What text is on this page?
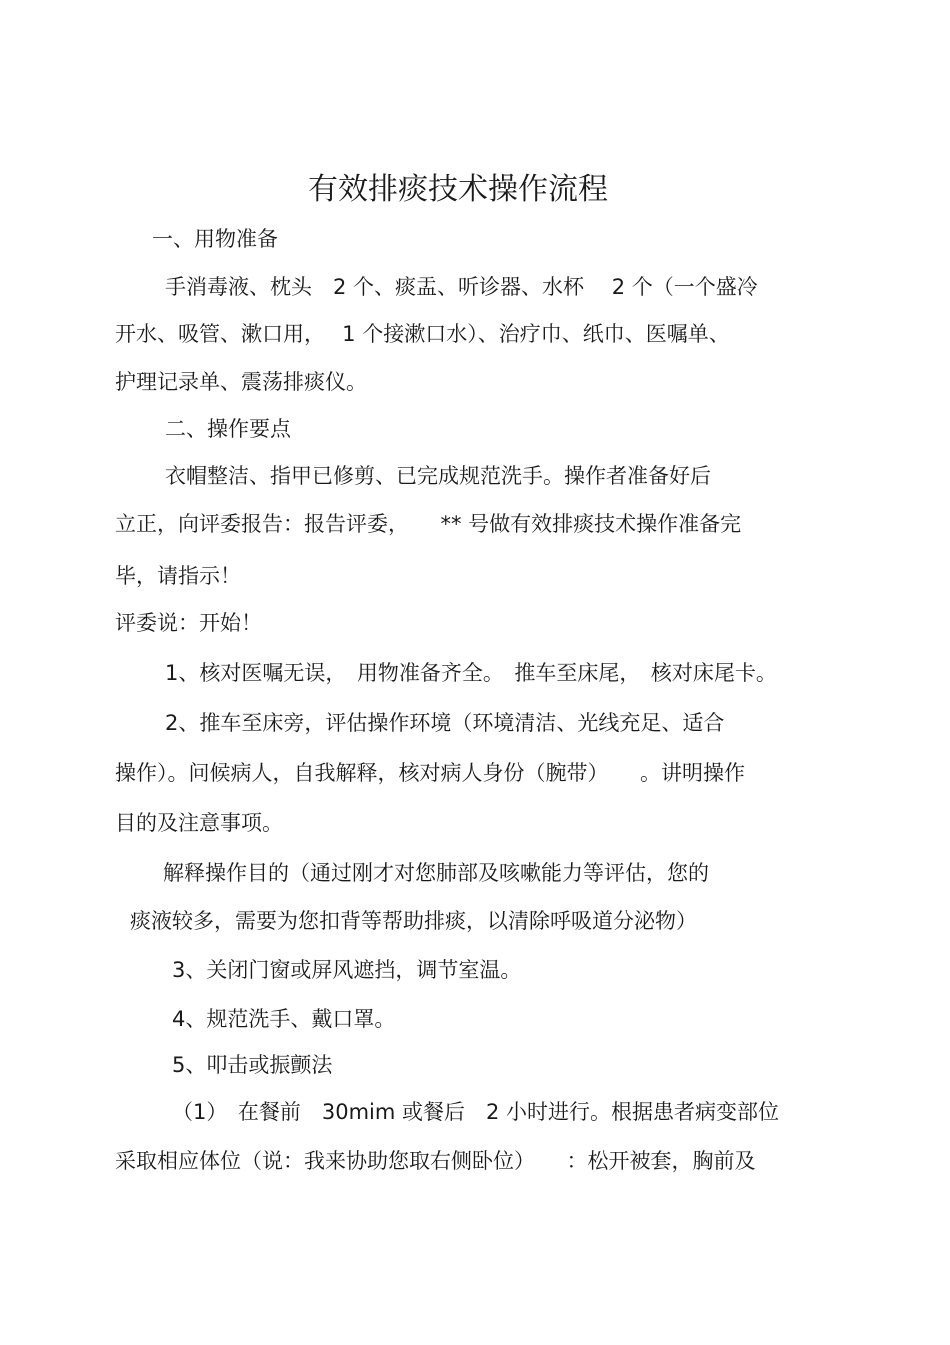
有效排痰技术操作流程
一、用物准备
手消毒液、枕头　2 个、痰盂、听诊器、水杯　 2 个（一个盛冷
开水、吸管、漱口用，　 1 个接漱口水）、治疗巾、纸巾、医嘱单、
护理记录单、震荡排痰仪。
二、操作要点
衣帽整洁、指甲已修剪、已完成规范洗手。操作者准备好后
立正，向评委报告：报告评委，　　** 号做有效排痰技术操作准备完
毕，请指示！
评委说：开始！
1、核对医嘱无误，　用物准备齐全。　推车至床尾，　核对床尾卡。
2、推车至床旁，评估操作环境（环境清洁、光线充足、适合
操作）。问候病人，自我解释，核对病人身份（腕带）　　。讲明操作
目的及注意事项。
解释操作目的（通过刚才对您肺部及咳嗽能力等评估，您的
痰液较多，需要为您扣背等帮助排痰，以清除呼吸道分泌物）
3、关闭门窗或屏风遮挡，调节室温。
4、规范洗手、戴口罩。
5、叩击或振颤法
（1）　在餐前　30mim 或餐后　2 小时进行。根据患者病变部位
采取相应体位（说：我来协助您取右侧卧位）　　：松开被套，胸前及
